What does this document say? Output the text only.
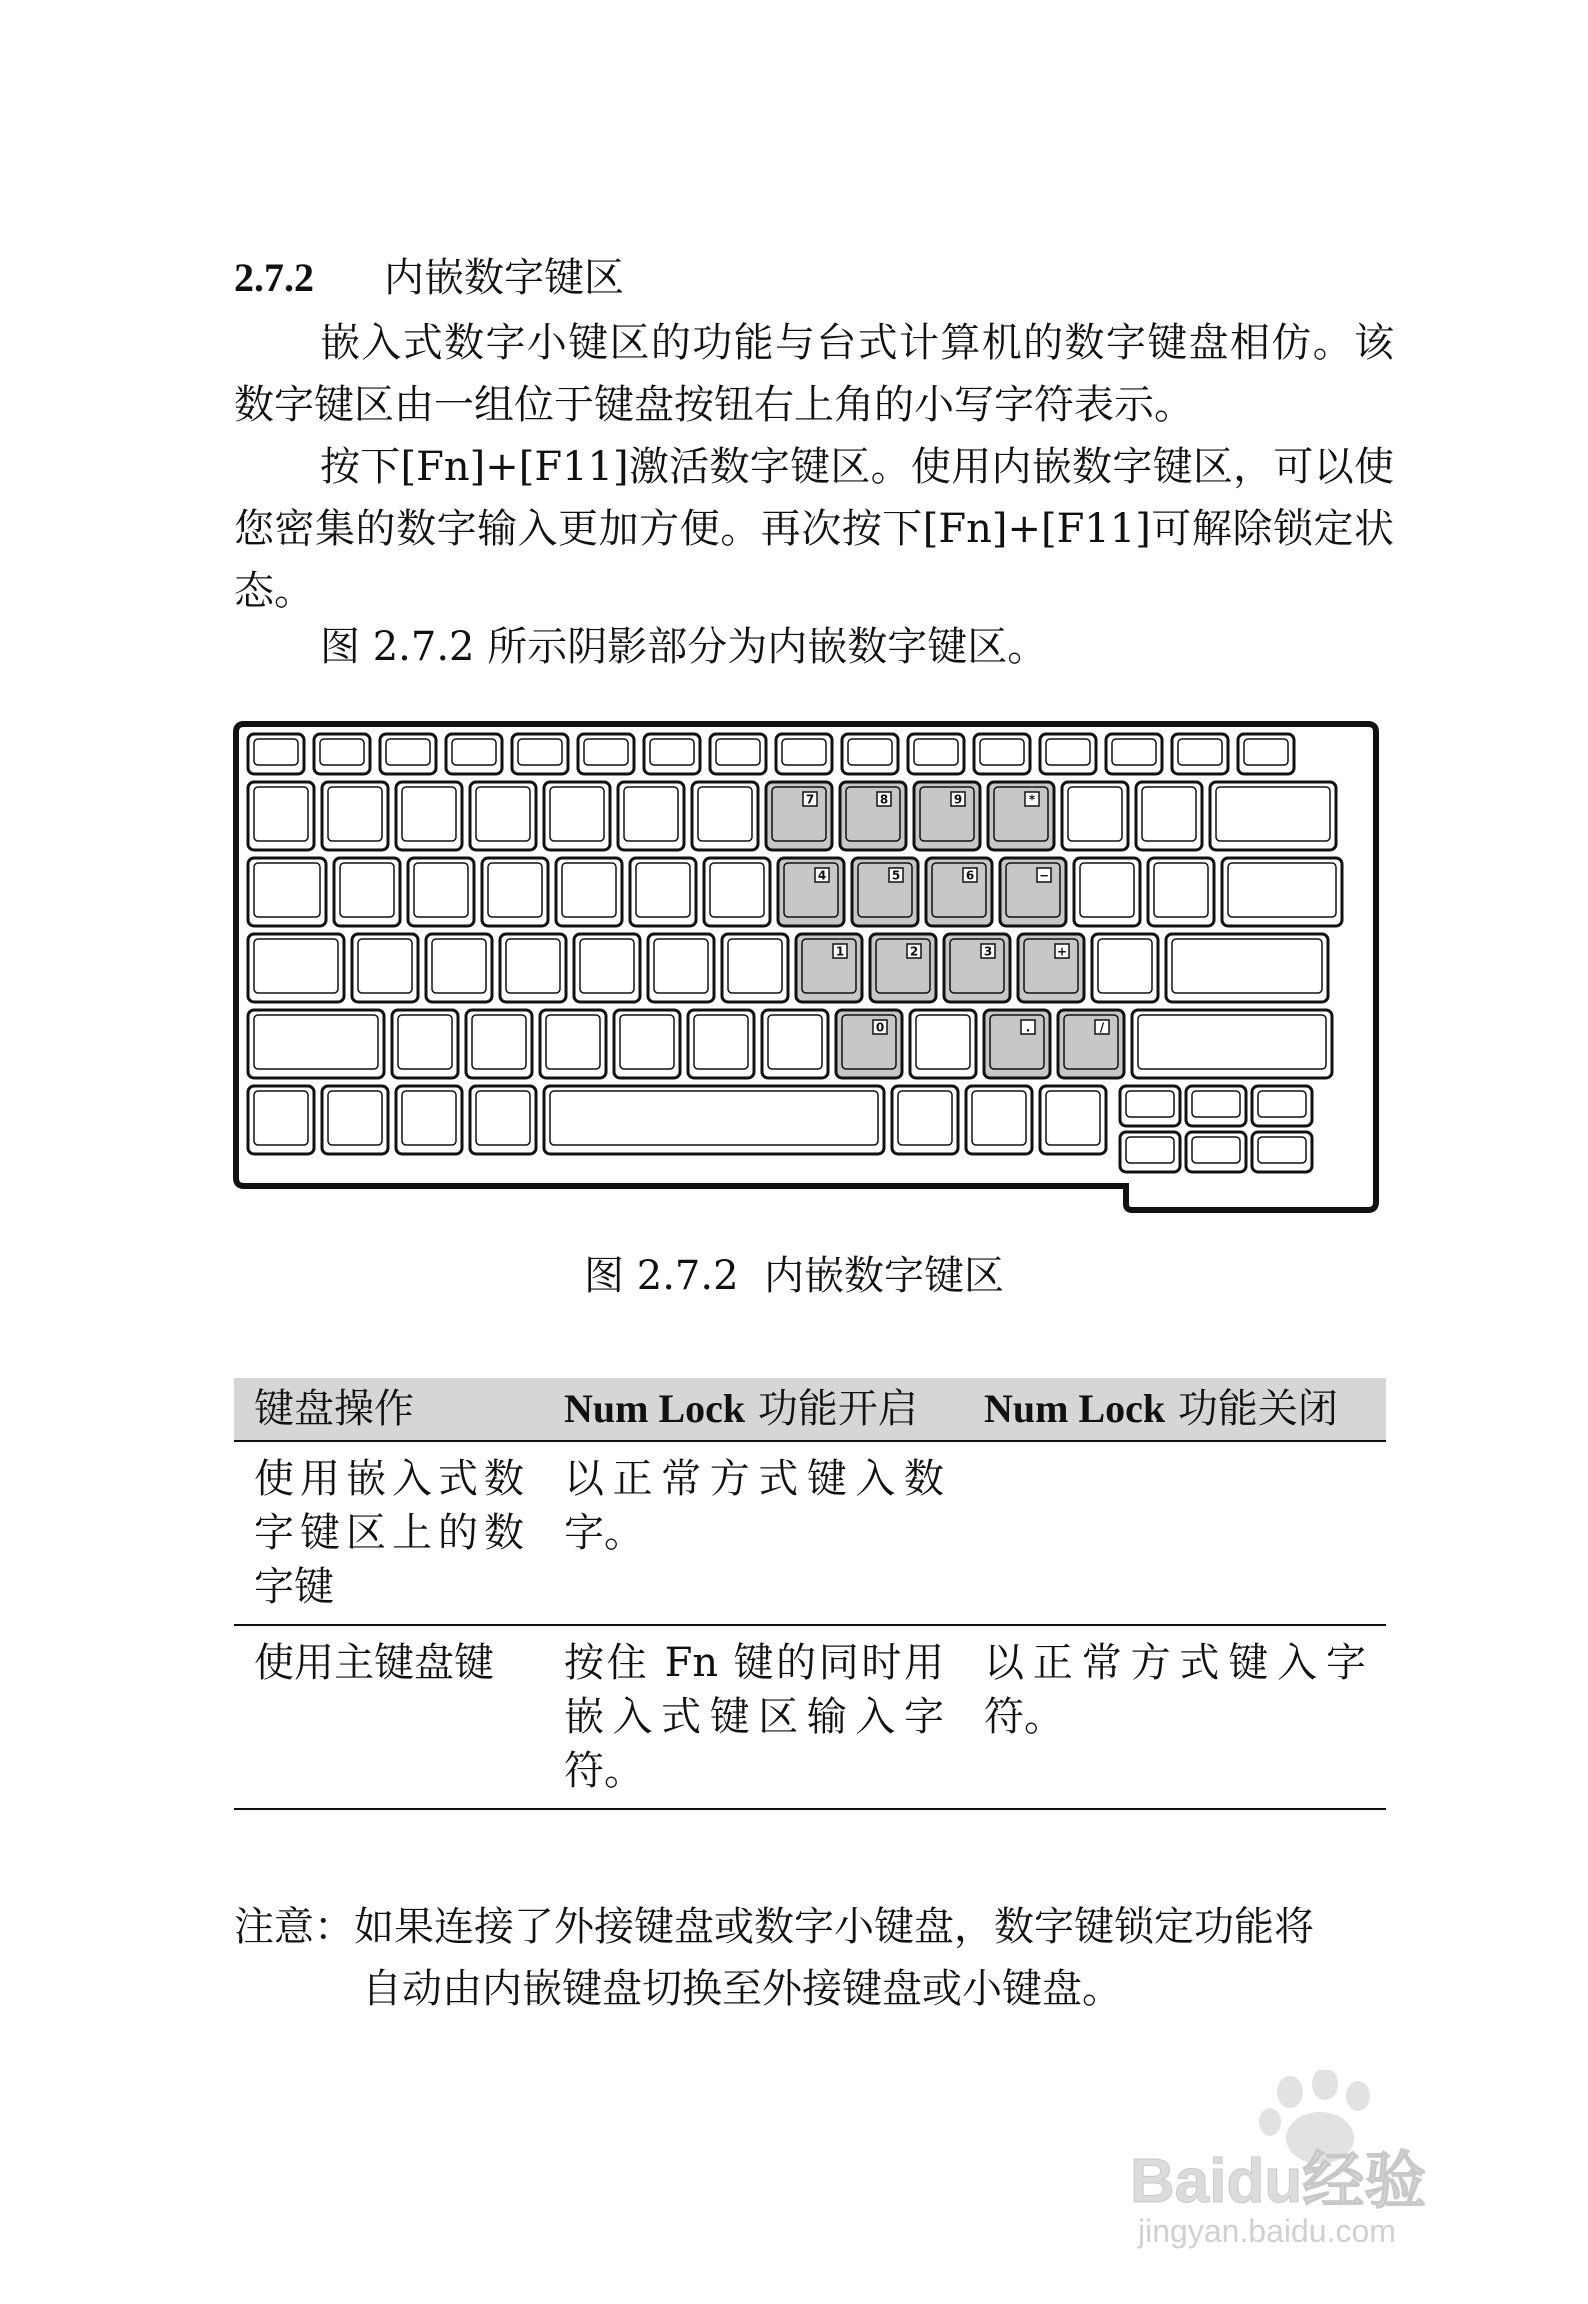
2.7.2 内嵌数字键区

嵌入式数字小键区的功能与台式计算机的数字键盘相仿。该数字键区由一组位于键盘按钮右上角的小写字符表示。

按下[Fn]+[F11]激活数字键区。使用内嵌数字键区，可以使您密集的数字输入更加方便。再次按下[Fn]+[F11]可解除锁定状态。

图 2.7.2 所示阴影部分为内嵌数字键区。

7	8	9	*
4	5	6	−
1	2	3	+
0	.	/
图 2.7.2  内嵌数字键区
键盘操作	Num Lock 功能开启	Num Lock 功能关闭
使用嵌入式数字键区上的数字键	以正常方式键入数字。	
使用主键盘键	按住 Fn 键的同时用嵌入式键区输入字符。	以正常方式键入字符。
注意：如果连接了外接键盘或数字小键盘，数字键锁定功能将
自动由内嵌键盘切换至外接键盘或小键盘。
Baidu经验
jingyan.baidu.com
